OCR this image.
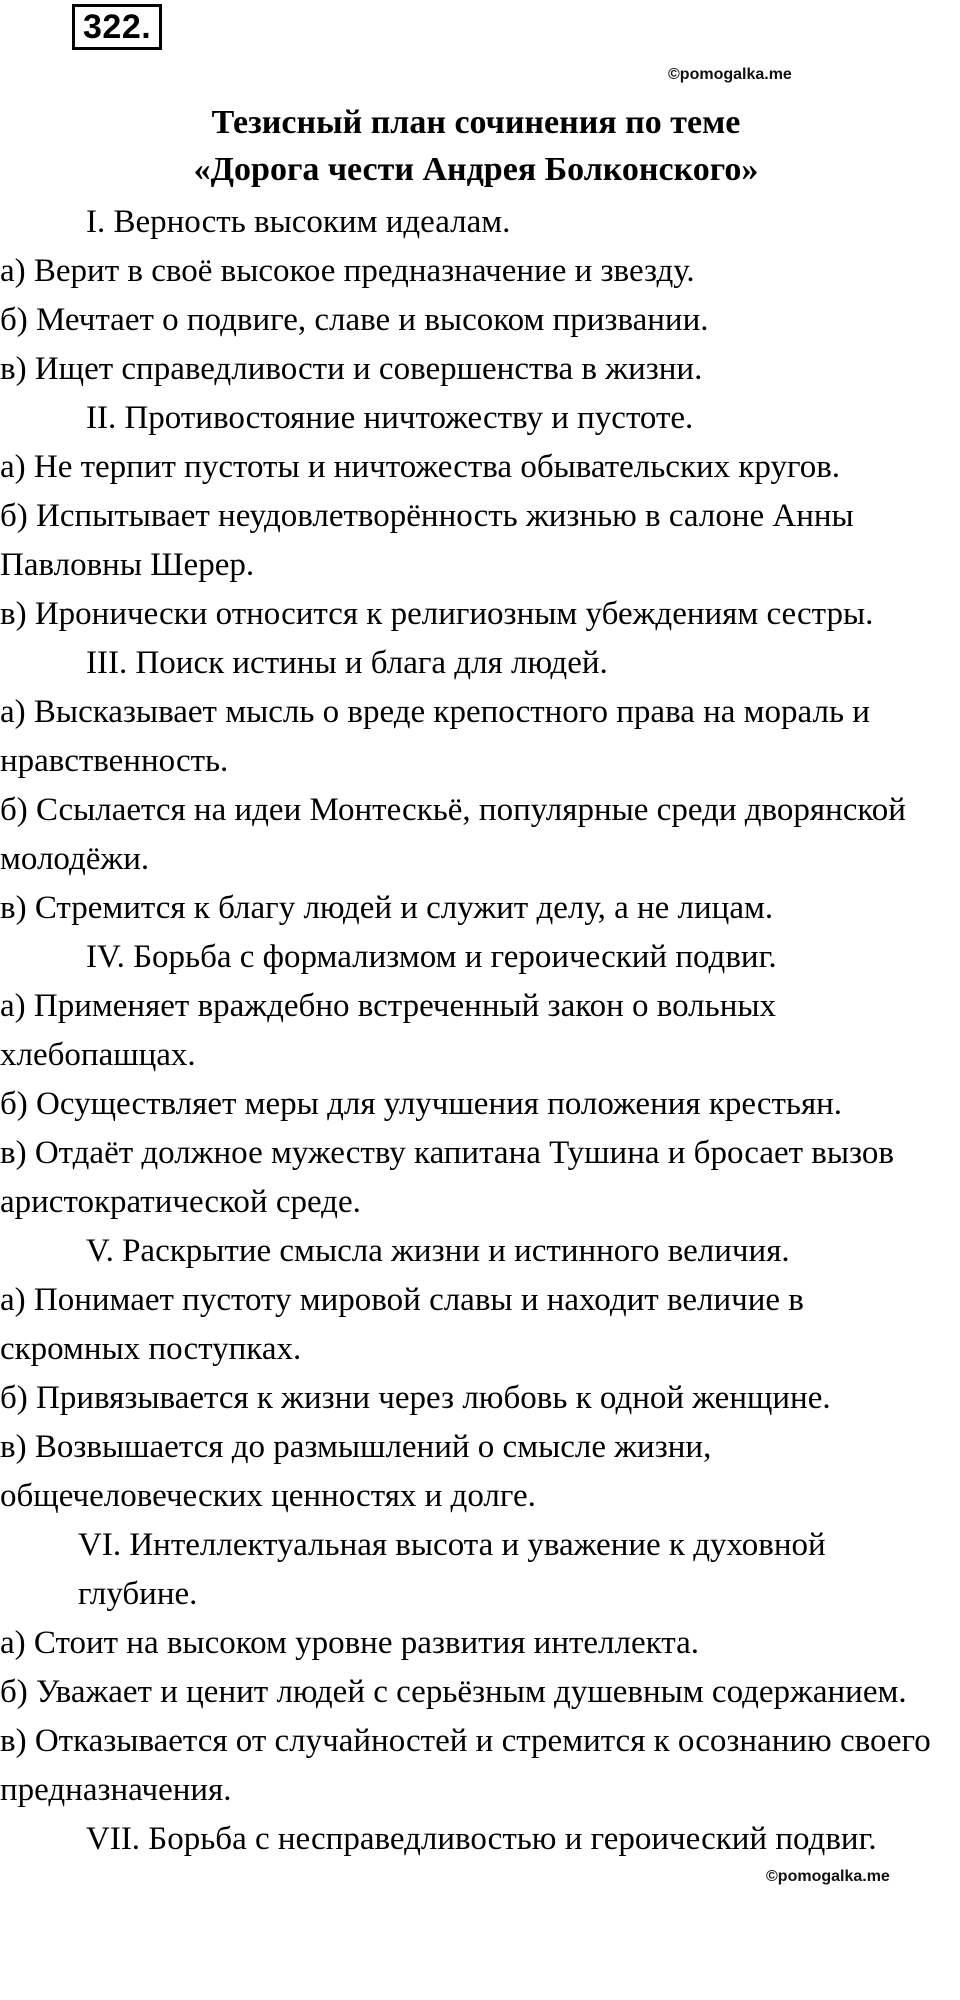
322.
©pomogalka.me
Тезисный план сочинения по теме
«Дорога чести Андрея Болконского»
I. Верность высоким идеалам.
а) Верит в своё высокое предназначение и звезду.
б) Мечтает о подвиге, славе и высоком призвании.
в) Ищет справедливости и совершенства в жизни.
II. Противостояние ничтожеству и пустоте.
а) Не терпит пустоты и ничтожества обывательских кругов.
б) Испытывает неудовлетворённость жизнью в салоне Анны Павловны Шерер.
в) Иронически относится к религиозным убеждениям сестры.
III. Поиск истины и блага для людей.
а) Высказывает мысль о вреде крепостного права на мораль и нравственность.
б) Ссылается на идеи Монтескьё, популярные среди дворянской молодёжи.
в) Стремится к благу людей и служит делу, а не лицам.
IV. Борьба с формализмом и героический подвиг.
а) Применяет враждебно встреченный закон о вольных хлебопашцах.
б) Осуществляет меры для улучшения положения крестьян.
в) Отдаёт должное мужеству капитана Тушина и бросает вызов аристократической среде.
V. Раскрытие смысла жизни и истинного величия.
а) Понимает пустоту мировой славы и находит величие в скромных поступках.
б) Привязывается к жизни через любовь к одной женщине.
в) Возвышается до размышлений о смысле жизни, общечеловеческих ценностях и долге.
VI. Интеллектуальная высота и уважение к духовной глубине.
а) Стоит на высоком уровне развития интеллекта.
б) Уважает и ценит людей с серьёзным душевным содержанием.
в) Отказывается от случайностей и стремится к осознанию своего предназначения.
VII. Борьба с несправедливостью и героический подвиг.
©pomogalka.me
